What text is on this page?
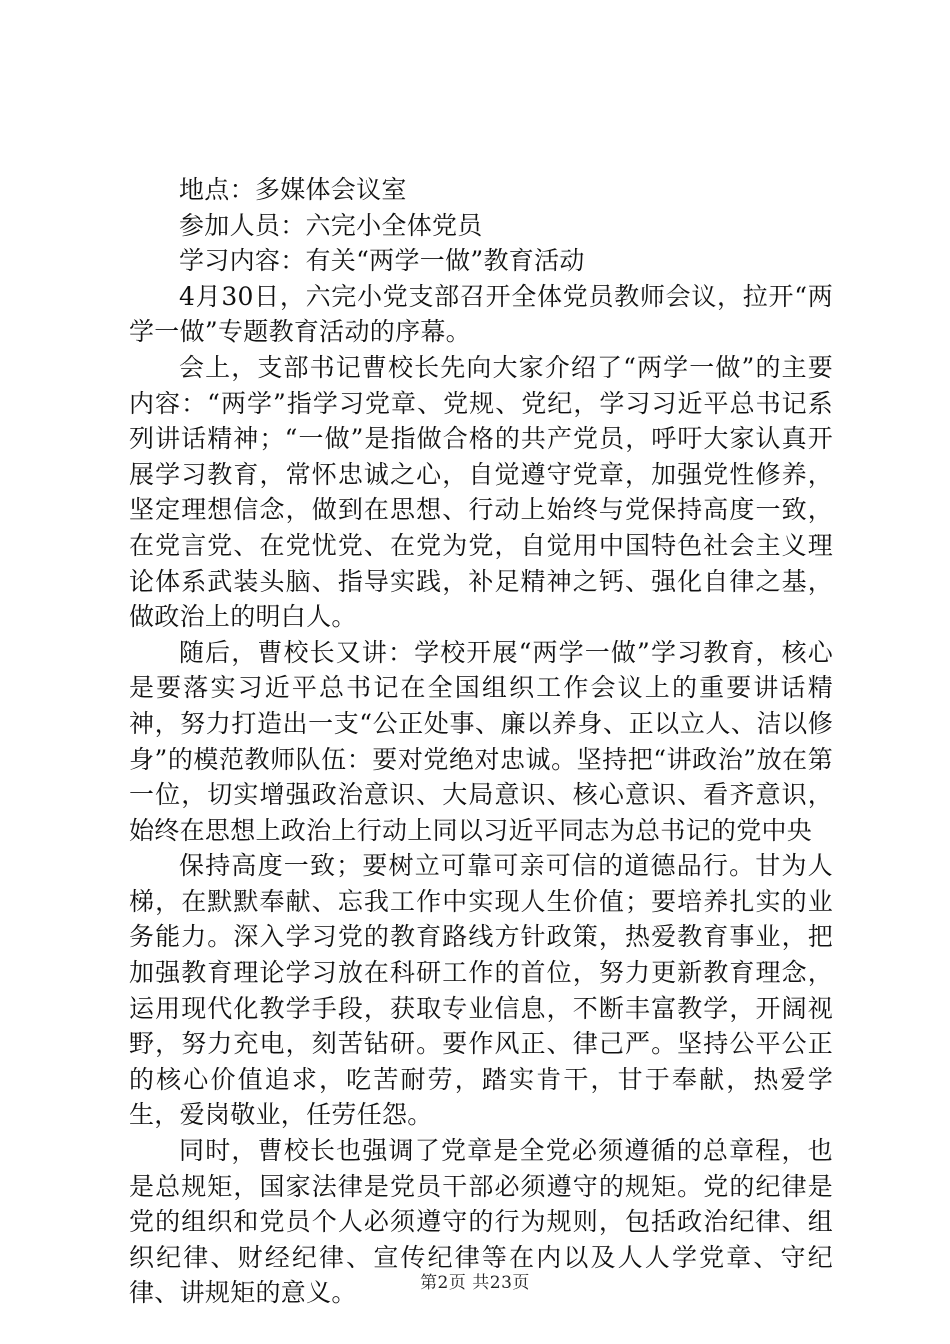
地点：多媒体会议室

参加人员：六完小全体党员

学习内容：有关“两学一做”教育活动

4月30日，六完小党支部召开全体党员教师会议，拉开“两学一做”专题教育活动的序幕。

会上，支部书记曹校长先向大家介绍了“两学一做”的主要内容：“两学”指学习党章、党规、党纪，学习习近平总书记系列讲话精神；“一做”是指做合格的共产党员，呼吁大家认真开展学习教育，常怀忠诚之心，自觉遵守党章，加强党性修养，坚定理想信念，做到在思想、行动上始终与党保持高度一致，在党言党、在党忧党、在党为党，自觉用中国特色社会主义理论体系武装头脑、指导实践，补足精神之钙、强化自律之基，做政治上的明白人。

随后，曹校长又讲：学校开展“两学一做”学习教育，核心是要落实习近平总书记在全国组织工作会议上的重要讲话精神，努力打造出一支“公正处事、廉以养身、正以立人、洁以修身”的模范教师队伍：要对党绝对忠诚。坚持把“讲政治”放在第一位，切实增强政治意识、大局意识、核心意识、看齐意识，始终在思想上政治上行动上同以习近平同志为总书记的党中央

保持高度一致；要树立可靠可亲可信的道德品行。甘为人梯，在默默奉献、忘我工作中实现人生价值；要培养扎实的业务能力。深入学习党的教育路线方针政策，热爱教育事业，把加强教育理论学习放在科研工作的首位，努力更新教育理念，运用现代化教学手段，获取专业信息，不断丰富教学，开阔视野，努力充电，刻苦钻研。要作风正、律己严。坚持公平公正的核心价值追求，吃苦耐劳，踏实肯干，甘于奉献，热爱学生，爱岗敬业，任劳任怨。

同时，曹校长也强调了党章是全党必须遵循的总章程，也是总规矩，国家法律是党员干部必须遵守的规矩。党的纪律是党的组织和党员个人必须遵守的行为规则，包括政治纪律、组织纪律、财经纪律、宣传纪律等在内以及人人学党章、守纪律、讲规矩的意义。	第2页 共23页
